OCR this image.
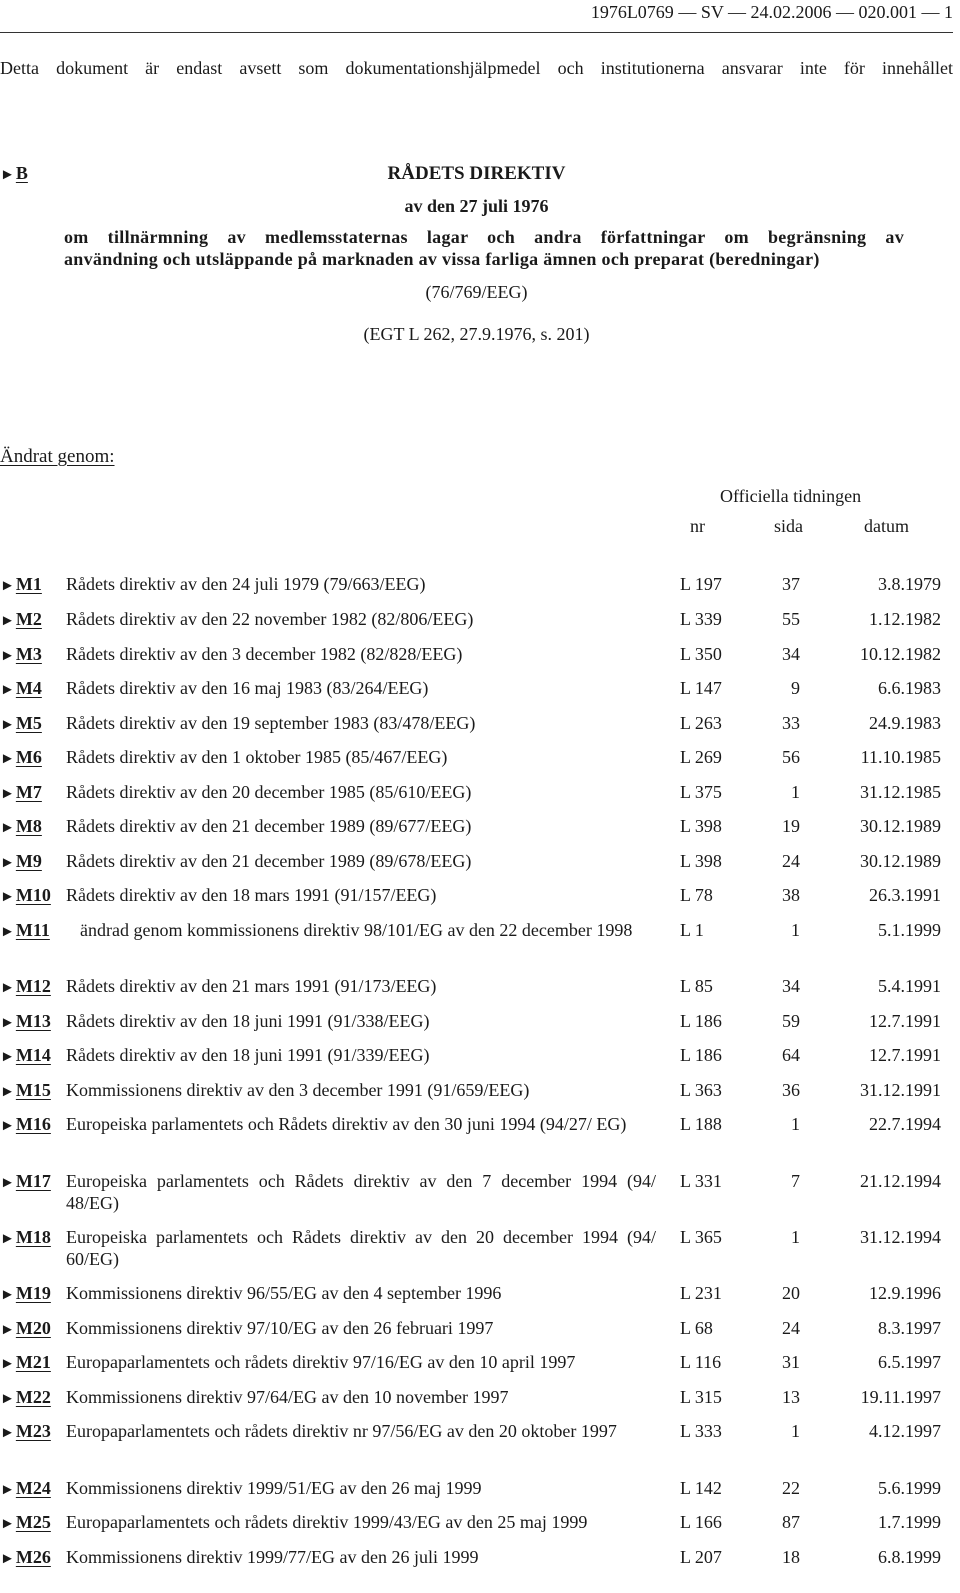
1976L0769 — SV — 24.02.2006 — 020.001 — 1
Detta dokument är endast avsett som dokumentationshjälpmedel och institutionerna ansvarar inte för innehållet
► B	RÅDETS DIREKTIV
av den 27 juli 1976
om tillnärmning av medlemsstaternas lagar och andra författningar om begränsning av
användning och utsläppande på marknaden av vissa farliga ämnen och preparat (beredningar)
(76/769/EEG)
(EGT L 262, 27.9.1976, s. 201)
Ändrat genom:
Officiella tidningen
nr	sida	datum
► M1 Rådets direktiv av den 24 juli 1979 (79/663/EEG)	L 197	37	3.8.1979
► M2 Rådets direktiv av den 22 november 1982 (82/806/EEG)	L 339	55	1.12.1982
► M3 Rådets direktiv av den 3 december 1982 (82/828/EEG)	L 350	34	10.12.1982
► M4 Rådets direktiv av den 16 maj 1983 (83/264/EEG)	L 147	9	6.6.1983
► M5 Rådets direktiv av den 19 september 1983 (83/478/EEG)	L 263	33	24.9.1983
► M6 Rådets direktiv av den 1 oktober 1985 (85/467/EEG)	L 269	56	11.10.1985
► M7 Rådets direktiv av den 20 december 1985 (85/610/EEG)	L 375	1	31.12.1985
► M8 Rådets direktiv av den 21 december 1989 (89/677/EEG)	L 398	19	30.12.1989
► M9 Rådets direktiv av den 21 december 1989 (89/678/EEG)	L 398	24	30.12.1989
► M10 Rådets direktiv av den 18 mars 1991 (91/157/EEG)	L 78	38	26.3.1991
► M11 ändrad genom kommissionens direktiv 98/101/EG av den 22 december 1998	L 1	1	5.1.1999
► M12 Rådets direktiv av den 21 mars 1991 (91/173/EEG)	L 85	34	5.4.1991
► M13 Rådets direktiv av den 18 juni 1991 (91/338/EEG)	L 186	59	12.7.1991
► M14 Rådets direktiv av den 18 juni 1991 (91/339/EEG)	L 186	64	12.7.1991
► M15 Kommissionens direktiv av den 3 december 1991 (91/659/EEG)	L 363	36	31.12.1991
► M16 Europeiska parlamentets och Rådets direktiv av den 30 juni 1994 (94/27/ EG)	L 188	1	22.7.1994
► M17 Europeiska parlamentets och Rådets direktiv av den 7 december 1994 (94/ 48/EG)
L 331	7	21.12.1994
► M18 Europeiska parlamentets och Rådets direktiv av den 20 december 1994 (94/ 60/EG)
L 365	1	31.12.1994
► M19 Kommissionens direktiv 96/55/EG av den 4 september 1996	L 231	20	12.9.1996
► M20 Kommissionens direktiv 97/10/EG av den 26 februari 1997	L 68	24	8.3.1997
► M21 Europaparlamentets och rådets direktiv 97/16/EG av den 10 april 1997	L 116	31	6.5.1997
► M22 Kommissionens direktiv 97/64/EG av den 10 november 1997	L 315	13	19.11.1997
► M23 Europaparlamentets och rådets direktiv nr 97/56/EG av den 20 oktober 1997	L 333	1	4.12.1997
► M24 Kommissionens direktiv 1999/51/EG av den 26 maj 1999	L 142	22	5.6.1999
► M25 Europaparlamentets och rådets direktiv 1999/43/EG av den 25 maj 1999	L 166	87	1.7.1999
► M26 Kommissionens direktiv 1999/77/EG av den 26 juli 1999	L 207	18	6.8.1999
